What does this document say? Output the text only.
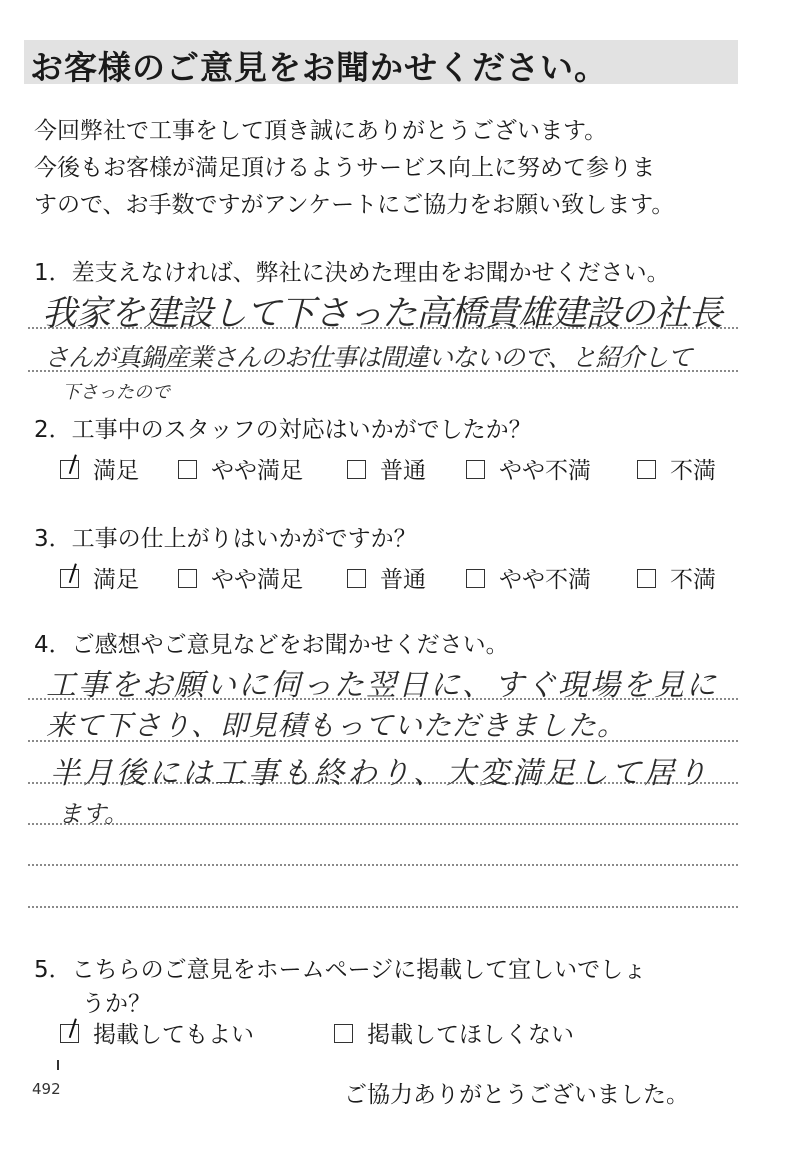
お客様のご意見をお聞かせください。
今回弊社で工事をして頂き誠にありがとうございます。
今後もお客様が満足頂けるようサービス向上に努めて参りま
すので、お手数ですがアンケートにご協力をお願い致します。
1．差支えなければ、弊社に決めた理由をお聞かせください。
我家を建設して下さった高橋貴雄建設の社長
さんが真鍋産業さんのお仕事は間違いないので、と紹介して
下さったので
2．工事中のスタッフの対応はいかがでしたか？
満足	やや満足	普通	やや不満	不満
3．工事の仕上がりはいかがですか？
満足	やや満足	普通	やや不満	不満
4．ご感想やご意見などをお聞かせください。
工事をお願いに伺った翌日に、すぐ現場を見に
来て下さり、即見積もっていただきました。
半月後には工事も終わり、大変満足して居り
ます。
5．こちらのご意見をホームページに掲載して宜しいでしょ
うか？
掲載してもよい	掲載してほしくない
492	ご協力ありがとうございました。
